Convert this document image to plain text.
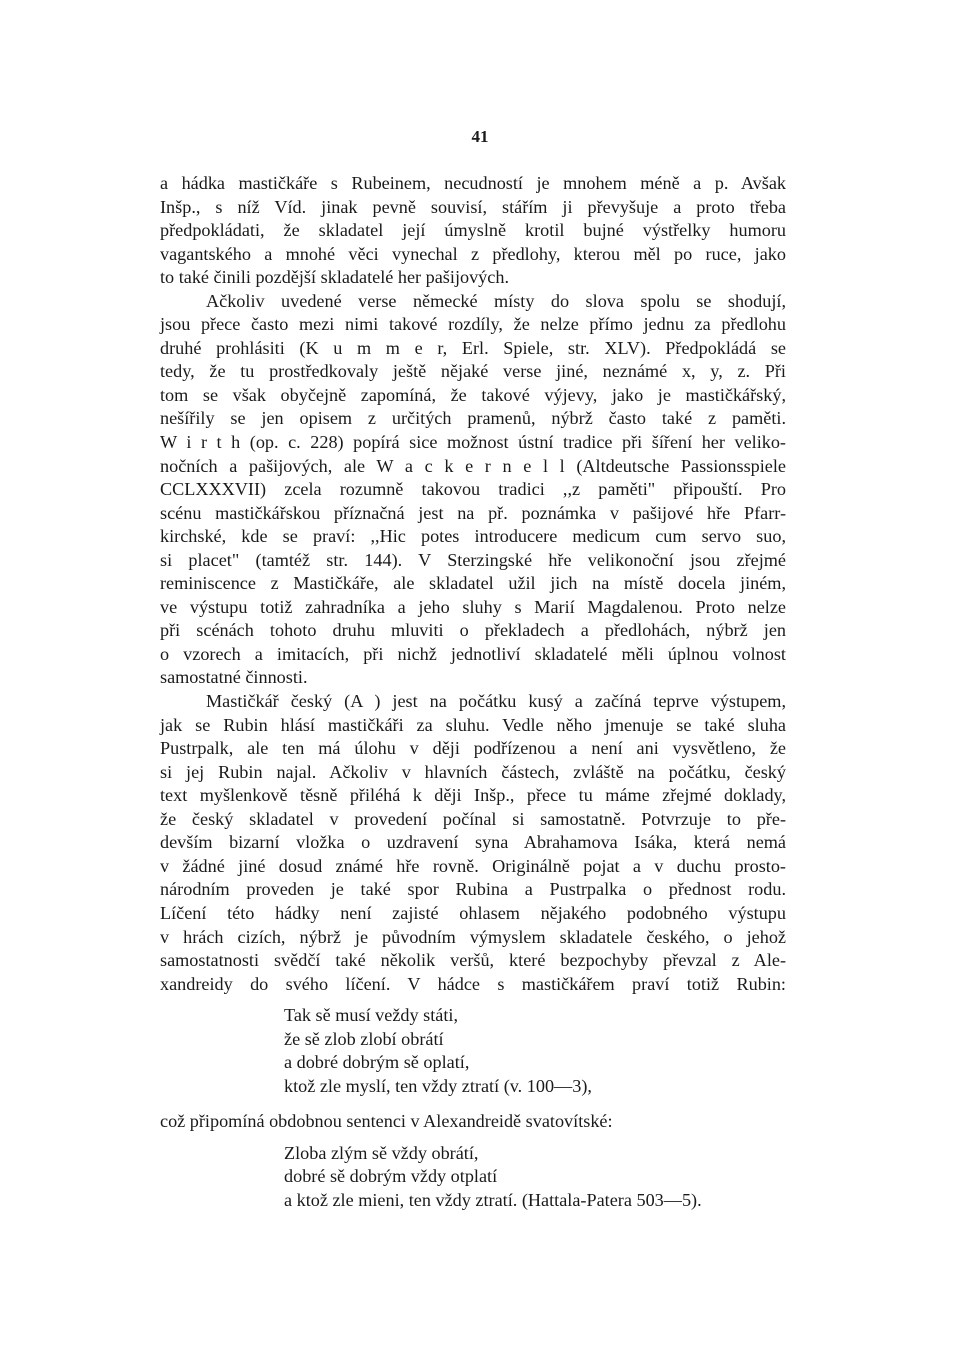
41
a hádka mastičkáře s Rubeinem, necudností je mnohem méně a p. Avšak
Inšp., s níž Víd. jinak pevně souvisí, stářím ji převyšuje a proto třeba
předpokládati, že skladatel její úmyslně krotil bujné výstřelky humoru
vagantského a mnohé věci vynechal z předlohy, kterou měl po ruce, jako
to také činili pozdější skladatelé her pašijových.
Ačkoliv uvedené verse německé místy do slova spolu se shodují,
jsou přece často mezi nimi takové rozdíly, že nelze přímo jednu za předlohu
druhé prohlásiti (K u m m e r, Erl. Spiele, str. XLV). Předpokládá se
tedy, že tu prostředkovaly ještě nějaké verse jiné, neznámé x, y, z. Při
tom se však obyčejně zapomíná, že takové výjevy, jako je mastičkářský,
nešířily se jen opisem z určitých pramenů, nýbrž často také z paměti.
W i r t h (op. c. 228) popírá sice možnost ústní tradice při šíření her veliko-
nočních a pašijových, ale W a c k e r n e l l (Altdeutsche Passionsspiele
CCLXXXVII) zcela rozumně takovou tradici ,,z paměti" připouští. Pro
scénu mastičkářskou příznačná jest na př. poznámka v pašijové hře Pfarr-
kirchské, kde se praví: ,,Hic potes introducere medicum cum servo suo,
si placet" (tamtéž str. 144). V Sterzingské hře velikonoční jsou zřejmé
reminiscence z Mastičkáře, ale skladatel užil jich na místě docela jiném,
ve výstupu totiž zahradníka a jeho sluhy s Marií Magdalenou. Proto nelze
při scénách tohoto druhu mluviti o překladech a předlohách, nýbrž jen
o vzorech a imitacích, při nichž jednotliví skladatelé měli úplnou volnost
samostatné činnosti.
Mastičkář český (A ) jest na počátku kusý a začíná teprve výstupem,
jak se Rubin hlásí mastičkáři za sluhu. Vedle něho jmenuje se také sluha
Pustrpalk, ale ten má úlohu v ději podřízenou a není ani vysvětleno, že
si jej Rubin najal. Ačkoliv v hlavních částech, zvláště na počátku, český
text myšlenkově těsně přiléhá k ději Inšp., přece tu máme zřejmé doklady,
že český skladatel v provedení počínal si samostatně. Potvrzuje to pře-
devším bizarní vložka o uzdravení syna Abrahamova Isáka, která nemá
v žádné jiné dosud známé hře rovně. Originálně pojat a v duchu prosto-
národním proveden je také spor Rubina a Pustrpalka o přednost rodu.
Líčení této hádky není zajisté ohlasem nějakého podobného výstupu
v hrách cizích, nýbrž je původním výmyslem skladatele českého, o jehož
samostatnosti svědčí také několik veršů, které bezpochyby převzal z Ale-
xandreidy do svého líčení. V hádce s mastičkářem praví totiž Rubin:
Tak sě musí veždy státi,
že sě zlob zlobí obrátí
a dobré dobrým sě oplatí,
ktož zle myslí, ten vždy ztratí (v. 100—3),
což připomíná obdobnou sentenci v Alexandreidě svatovítské:
Zloba zlým sě vždy obrátí,
dobré sě dobrým vždy otplatí
a ktož zle mieni, ten vždy ztratí. (Hattala-Patera 503—5).
